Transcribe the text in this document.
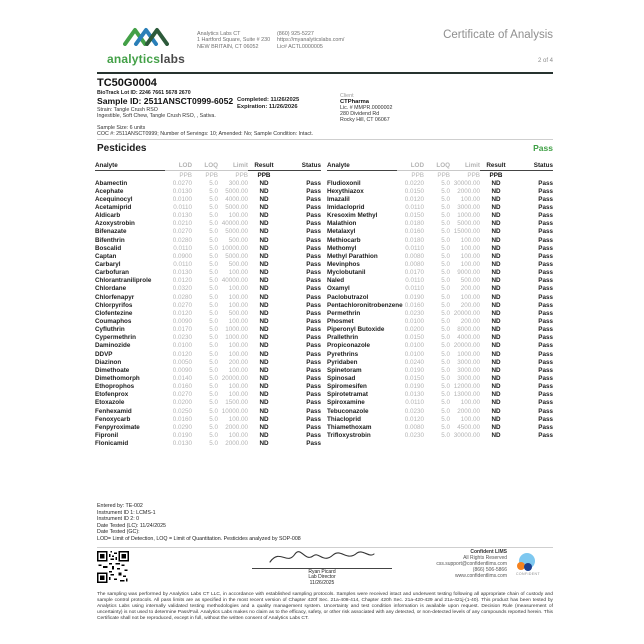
analyticslabs
Analytics Labs CT
1 Hartford Square, Suite # 230
NEW BRITAIN, CT 06052
(860) 925-5227
https://myanalyticslabs.com/
Lic# ACTL0000005
Certificate of Analysis
2 of 4
TC50G0004
BioTrack Lot ID: 2246 7661 5678 2670
Sample ID: 2511ANSCT0999-6052
Strain: Tangle Crush RSO
Ingestible, Soft Chew, Tangle Crush RSO, , Sativa.
Completed: 11/26/2025
Expiration: 11/26/2026
Client
CTPharma
Lic. # MMPR.0000002
280 Dividend Rd
Rocky Hill, CT 06067
Sample Size: 6 units
COC #: 2511ANSCT0999; Number of Servings: 10; Amended: No; Sample Condition: Intact.
Pesticides	Pass
Analyte	LOD	LOQ	Limit	Result	Status
PPB	PPB	PPB	PPB
Abamectin	0.0270	5.0	300.00	ND	Pass
Acephate	0.0130	5.0	5000.00	ND	Pass
Acequinocyl	0.0100	5.0	4000.00	ND	Pass
Acetamiprid	0.0110	5.0	5000.00	ND	Pass
Aldicarb	0.0130	5.0	100.00	ND	Pass
Azoxystrobin	0.0210	5.0 40000.00	ND	Pass
Bifenazate	0.0270	5.0	5000.00	ND	Pass
Bifenthrin	0.0280	5.0	500.00	ND	Pass
Boscalid	0.0110	5.0 10000.00	ND	Pass
Captan	0.0900	5.0	5000.00	ND	Pass
Carbaryl	0.0110	5.0	500.00	ND	Pass
Carbofuran	0.0130	5.0	100.00	ND	Pass
Chlorantraniliprole	0.0120	5.0 40000.00	ND	Pass
Chlordane	0.0320	5.0	100.00	ND	Pass
Chlorfenapyr	0.0280	5.0	100.00	ND	Pass
Chlorpyrifos	0.0270	5.0	100.00	ND	Pass
Clofentezine	0.0120	5.0	500.00	ND	Pass
Coumaphos	0.0090	5.0	100.00	ND	Pass
Cyfluthrin	0.0170	5.0	1000.00	ND	Pass
Cypermethrin	0.0230	5.0	1000.00	ND	Pass
Daminozide	0.0100	5.0	100.00	ND	Pass
DDVP	0.0120	5.0	100.00	ND	Pass
Diazinon	0.0050	5.0	200.00	ND	Pass
Dimethoate	0.0090	5.0	100.00	ND	Pass
Dimethomorph	0.0140	5.0 20000.00	ND	Pass
Ethoprophos	0.0160	5.0	100.00	ND	Pass
Etofenprox	0.0270	5.0	100.00	ND	Pass
Etoxazole	0.0200	5.0	1500.00	ND	Pass
Fenhexamid	0.0250	5.0 10000.00	ND	Pass
Fenoxycarb	0.0160	5.0	100.00	ND	Pass
Fenpyroximate	0.0290	5.0	2000.00	ND	Pass
Fipronil	0.0190	5.0	100.00	ND	Pass
Flonicamid	0.0130	5.0	2000.00	ND	Pass
Analyte	LOD	LOQ	Limit	Result	Status
PPB	PPB	PPB	PPB
Fludioxonil	0.0220	5.0 30000.00	ND	Pass
Hexythiazox	0.0150	5.0	2000.00	ND	Pass
Imazalil	0.0120	5.0	100.00	ND	Pass
Imidacloprid	0.0110	5.0	3000.00	ND	Pass
Kresoxim Methyl	0.0150	5.0	1000.00	ND	Pass
Malathion	0.0180	5.0	5000.00	ND	Pass
Metalaxyl	0.0160	5.0 15000.00	ND	Pass
Methiocarb	0.0180	5.0	100.00	ND	Pass
Methomyl	0.0110	5.0	100.00	ND	Pass
Methyl Parathion	0.0080	5.0	100.00	ND	Pass
Mevinphos	0.0080	5.0	100.00	ND	Pass
Myclobutanil	0.0170	5.0	9000.00	ND	Pass
Naled	0.0110	5.0	500.00	ND	Pass
Oxamyl	0.0110	5.0	200.00	ND	Pass
Paclobutrazol	0.0190	5.0	100.00	ND	Pass
Pentachloronitrobenzene 0.0160	5.0	200.00	ND	Pass
Permethrin	0.0230	5.0 20000.00	ND	Pass
Phosmet	0.0100	5.0	200.00	ND	Pass
Piperonyl Butoxide	0.0200	5.0	8000.00	ND	Pass
Prallethrin	0.0150	5.0	4000.00	ND	Pass
Propiconazole	0.0100	5.0 20000.00	ND	Pass
Pyrethrins	0.0100	5.0	1000.00	ND	Pass
Pyridaben	0.0240	5.0	3000.00	ND	Pass
Spinetoram	0.0190	5.0	3000.00	ND	Pass
Spinosad	0.0150	5.0	3000.00	ND	Pass
Spiromesifen	0.0190	5.0 12000.00	ND	Pass
Spirotetramat	0.0130	5.0 13000.00	ND	Pass
Spiroxamine	0.0110	5.0	100.00	ND	Pass
Tebuconazole	0.0230	5.0	2000.00	ND	Pass
Thiacloprid	0.0120	5.0	100.00	ND	Pass
Thiamethoxam	0.0080	5.0	4500.00	ND	Pass
Trifloxystrobin	0.0230	5.0 30000.00	ND	Pass
Entered by: TE-002
Instrument ID 1: LCMS-1
Instrument ID 2: 0
Date Tested (LC): 11/24/2025
Date Tested (GC):
LOD= Limit of Detection, LOQ = Limit of Quantitation. Pesticides analyzed by SOP-008
Ryan Picard
Lab Director
11/26/2025
Confident LIMS
All Rights Reserved
css.support@confidentlims.com
(866) 506-5866
www.confidentlims.com	CONFIDENT
The sampling was performed by Analytics Labs CT LLC, in accordance with established sampling protocols. Samples were received intact and underwent testing following all appropriate chain of custody and sample control protocols. All pass limits are as specified in the most recent version of Chapter 420f Sec. 21a-408-414, Chapter 420h Sec. 21a-420-429 and 21a-421j-(1-40). This product has been tested by Analytics Labs using internally validated testing methodologies and a quality management system. Uncertainty and test condition information is available upon request. Decision Rule (measurement of uncertainty) is not used to determine Pass/Fail. Analytics Labs makes no claim as to the efficacy, safety, or other risk associated with any detected, or non-detected levels of any compounds reported herein. This Certificate shall not be reproduced, except in full, without the written consent of Analytics Labs CT.
